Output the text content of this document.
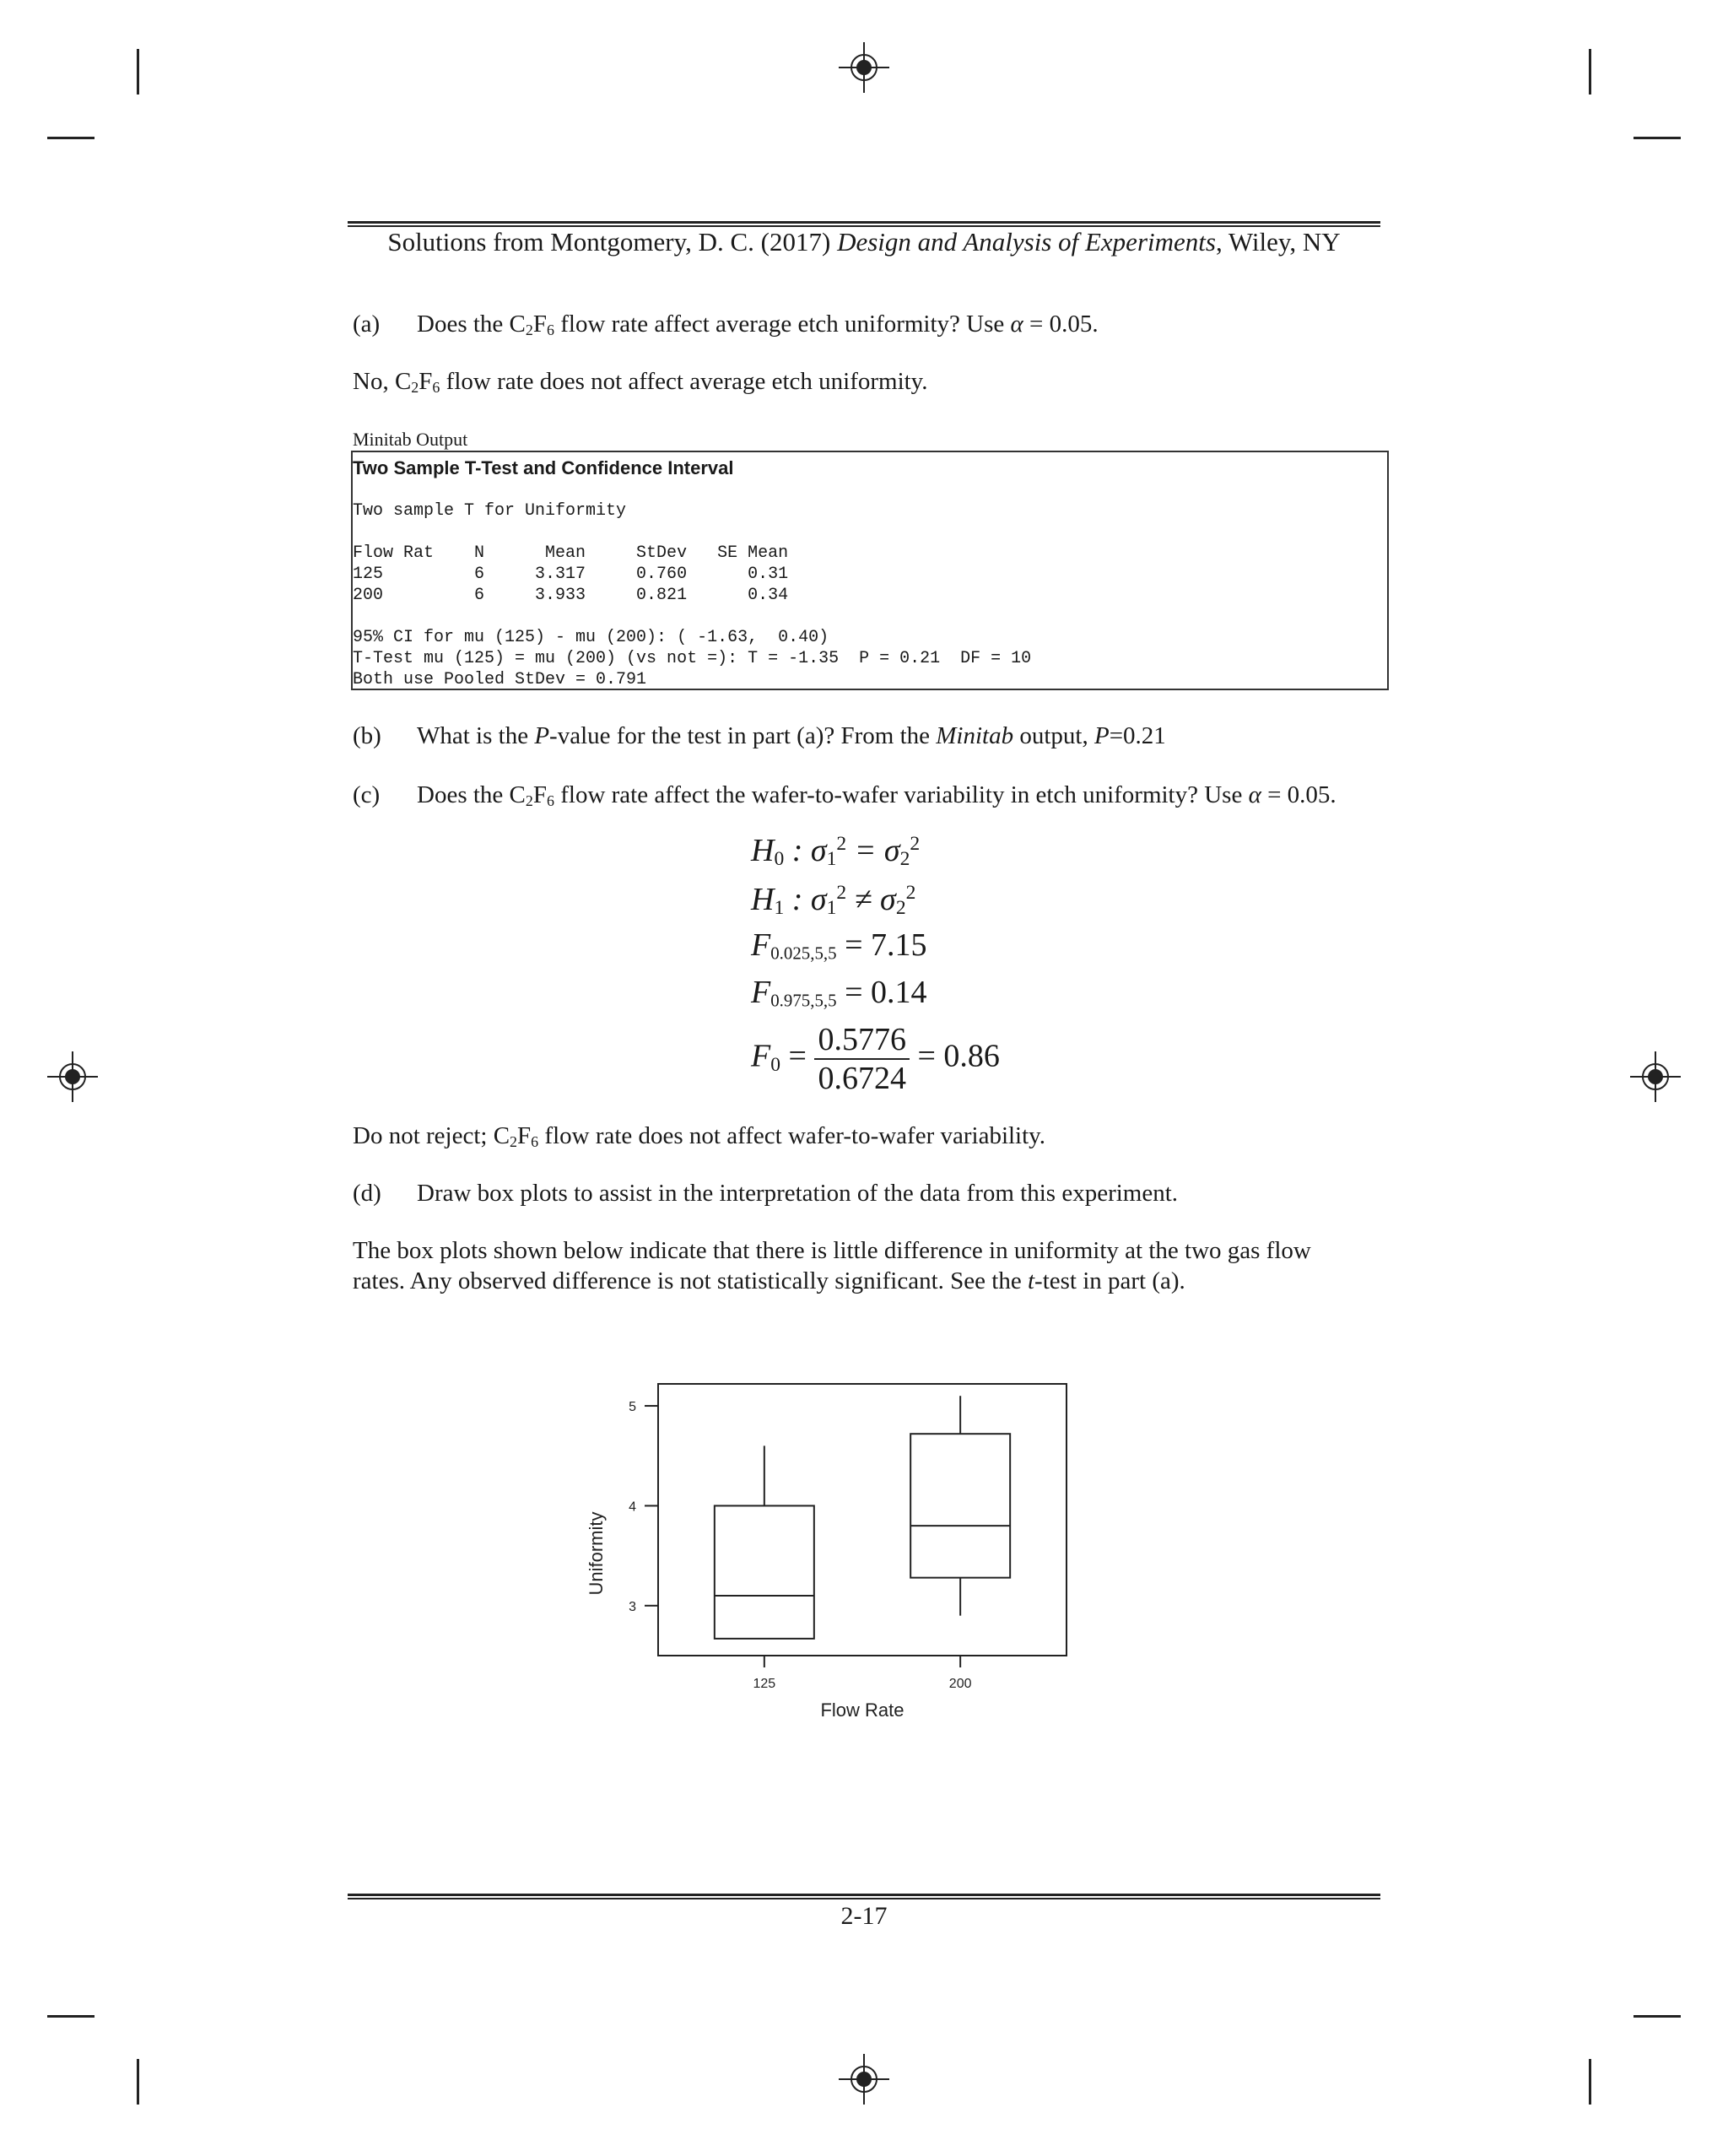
Solutions from Montgomery, D. C. (2017) Design and Analysis of Experiments, Wiley, NY
(a) Does the $C_2F_6$ flow rate affect average etch uniformity? Use α = 0.05.
No, $C_2F_6$ flow rate does not affect average etch uniformity.
Minitab Output
Two Sample T-Test and Confidence Interval
Two sample T for Uniformity
Flow Rat    N      Mean     StDev   SE Mean
125         6     3.317     0.760      0.31
200         6     3.933     0.821      0.34
95% CI for mu (125) - mu (200): ( -1.63,  0.40)
T-Test mu (125) = mu (200) (vs not =): T = -1.35  P = 0.21  DF = 10
Both use Pooled StDev = 0.791
(b) What is the P-value for the test in part (a)? From the Minitab output, P=0.21
(c) Does the $C_2F_6$ flow rate affect the wafer-to-wafer variability in etch uniformity? Use α = 0.05.
$H_0$ : $\sigma_1^2 = \sigma_2^2$
$H_1$ : $\sigma_1^2 \ne \sigma_2^2$
$F_{0.025,5,5} = 7.15$
$F_{0.975,5,5} = 0.14$
$F_0 = \frac{0.5776}{0.6724} = 0.86$
Do not reject; $C_2F_6$ flow rate does not affect wafer-to-wafer variability.
(d) Draw box plots to assist in the interpretation of the data from this experiment.
The box plots shown below indicate that there is little difference in uniformity at the two gas flow
rates. Any observed difference is not statistically significant. See the t-test in part (a).
3
4
5
125	200
Flow Rate
Uniformity
2-17
